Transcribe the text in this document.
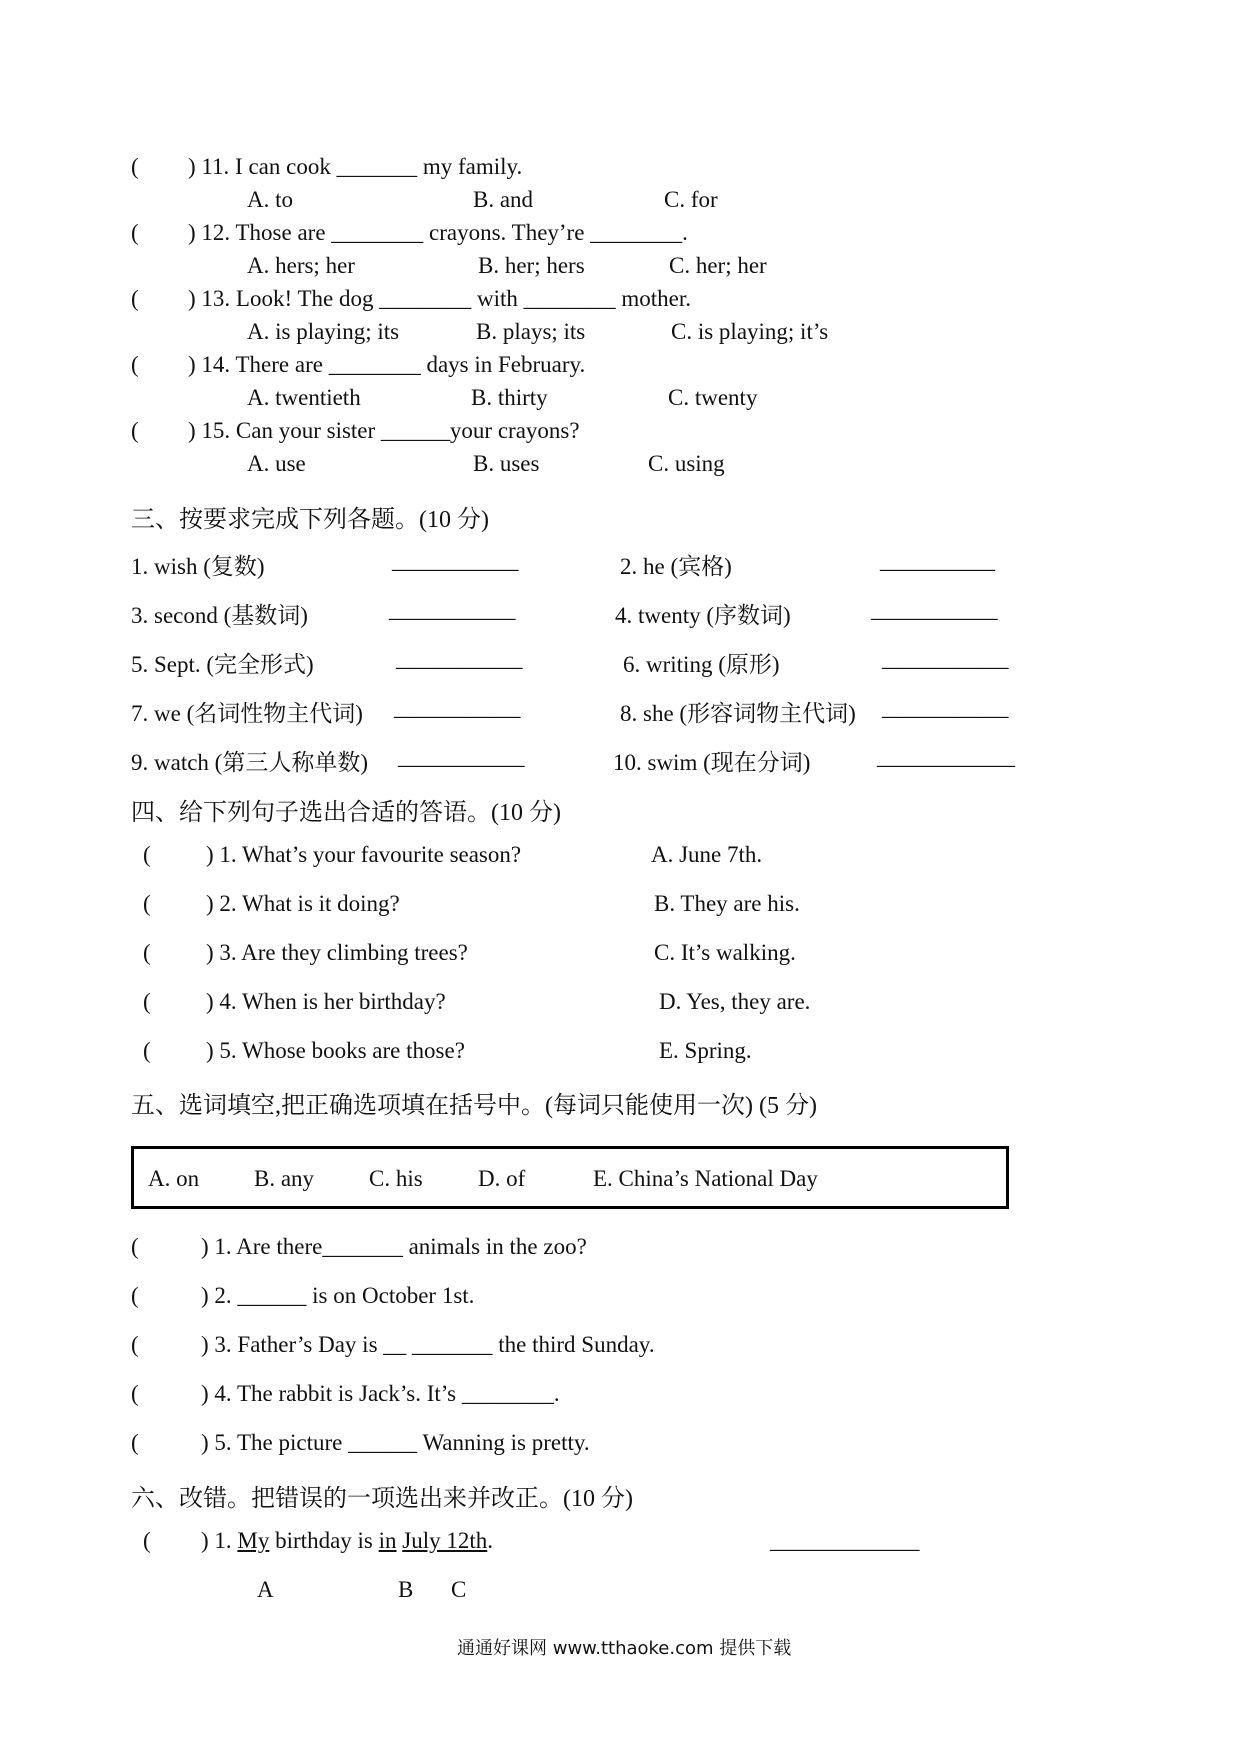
( ) 11. I can cook _______ my family.
A. to	B. and	C. for
( ) 12. Those are ________ crayons. They’re ________.
A. hers; her	B. her; hers	C. her; her
( ) 13. Look! The dog ________ with ________ mother.
A. is playing; its	B. plays; its	C. is playing; it’s
( ) 14. There are ________ days in February.
A. twentieth	B. thirty	C. twenty
( ) 15. Can your sister ______your crayons?
A. use	B. uses	C. using
三、按要求完成下列各题。(10 分)
1. wish (复数)	___________	2. he (宾格)	__________
3. second (基数词)	___________	4. twenty (序数词)	___________
5. Sept. (完全形式)	___________	6. writing (原形)	___________
7. we (名词性物主代词) ___________	8. she (形容词物主代词) ___________
9. watch (第三人称单数) ___________	10. swim (现在分词)	____________
四、给下列句子选出合适的答语。(10 分)
( ) 1. What’s your favourite season?	A. June 7th.
( ) 2. What is it doing?	B. They are his.
( ) 3. Are they climbing trees?	C. It’s walking.
( ) 4. When is her birthday?	D. Yes, they are.
( ) 5. Whose books are those?	E. Spring.
五、选词填空,把正确选项填在括号中。(每词只能使用一次) (5 分)
A. on B. any C. his D. of	E. China’s National Day
(	) 1. Are there_______ animals in the zoo?
(	) 2. ______ is on October 1st.
(	) 3. Father’s Day is __ _______ the third Sunday.
(	) 4. The rabbit is Jack’s. It’s ________.
(	) 5. The picture ______ Wanning is pretty.
六、改错。把错误的一项选出来并改正。(10 分)
( ) 1. My birthday is in July 12th.	_____________
A	B C
通通好课网 www.tthaoke.com 提供下载
